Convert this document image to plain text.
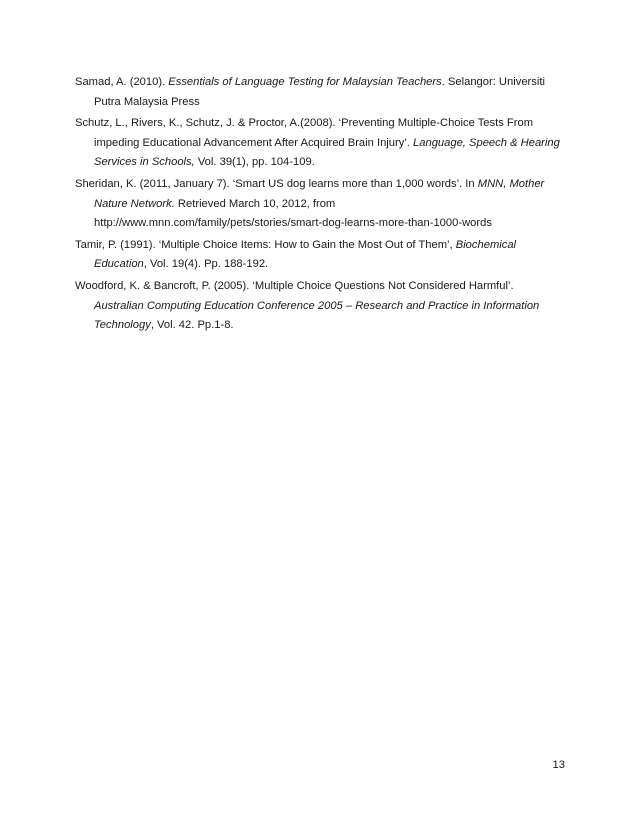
Samad, A. (2010). Essentials of Language Testing for Malaysian Teachers. Selangor: Universiti Putra Malaysia Press

Schutz, L., Rivers, K., Schutz, J. & Proctor, A.(2008). ‘Preventing Multiple-Choice Tests From impeding Educational Advancement After Acquired Brain Injury’. Language, Speech & Hearing Services in Schools, Vol. 39(1), pp. 104-109.

Sheridan, K. (2011, January 7). ‘Smart US dog learns more than 1,000 words’. In MNN, Mother Nature Network. Retrieved March 10, 2012, from http://www.mnn.com/family/pets/stories/smart-dog-learns-more-than-1000-words

Tamir, P. (1991). ‘Multiple Choice Items: How to Gain the Most Out of Them’, Biochemical Education, Vol. 19(4). Pp. 188-192.

Woodford, K. & Bancroft, P. (2005). ‘Multiple Choice Questions Not Considered Harmful’. Australian Computing Education Conference 2005 – Research and Practice in Information Technology, Vol. 42. Pp.1-8.

13
